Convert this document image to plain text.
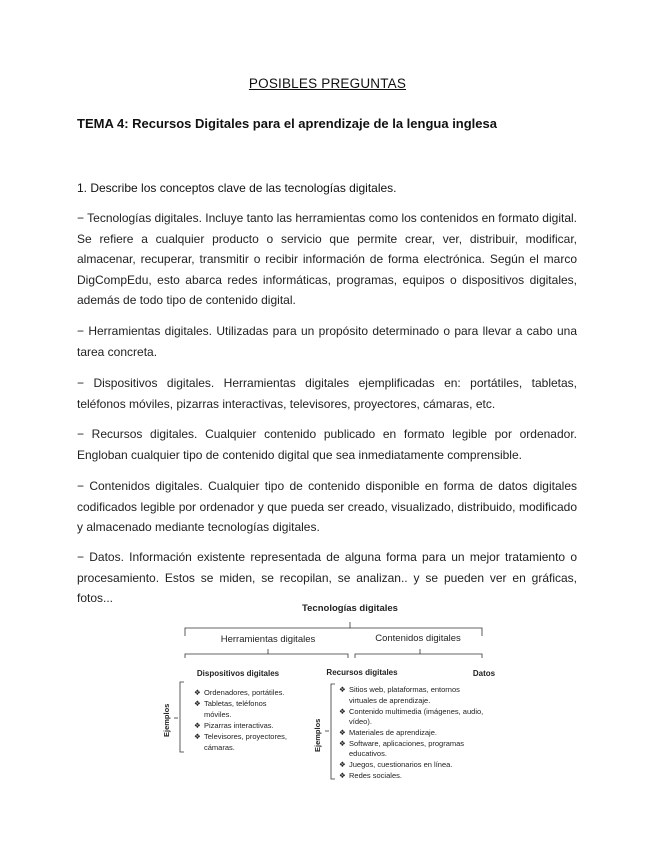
POSIBLES PREGUNTAS
TEMA 4: Recursos Digitales para el aprendizaje de la lengua inglesa
1. Describe los conceptos clave de las tecnologías digitales.

− Tecnologías digitales. Incluye tanto las herramientas como los contenidos en formato digital. Se refiere a cualquier producto o servicio que permite crear, ver, distribuir, modificar, almacenar, recuperar, transmitir o recibir información de forma electrónica. Según el marco DigCompEdu, esto abarca redes informáticas, programas, equipos o dispositivos digitales, además de todo tipo de contenido digital.

− Herramientas digitales. Utilizadas para un propósito determinado o para llevar a cabo una tarea concreta.

− Dispositivos digitales. Herramientas digitales ejemplificadas en: portátiles, tabletas, teléfonos móviles, pizarras interactivas, televisores, proyectores, cámaras, etc.

− Recursos digitales. Cualquier contenido publicado en formato legible por ordenador. Engloban cualquier tipo de contenido digital que sea inmediatamente comprensible.

− Contenidos digitales. Cualquier tipo de contenido disponible en forma de datos digitales codificados legible por ordenador y que pueda ser creado, visualizado, distribuido, modificado y almacenado mediante tecnologías digitales.

− Datos. Información existente representada de alguna forma para un mejor tratamiento o procesamiento. Estos se miden, se recopilan, se analizan.. y se pueden ver en gráficas, fotos...

Tecnologías digitales
Herramientas digitales	Contenidos digitales
Dispositivos digitales	Recursos digitales	Datos
Ejemplos	Ejemplos
❖ Ordenadores, portátiles.
❖ Tabletas, teléfonos
móviles.
❖ Pizarras interactivas.
❖ Televisores, proyectores,
cámaras.
❖ Sitios web, plataformas, entornos
virtuales de aprendizaje.
❖ Contenido multimedia (imágenes, audio,
vídeo).
❖ Materiales de aprendizaje.
❖ Software, aplicaciones, programas
educativos.
❖ Juegos, cuestionarios en línea.
❖ Redes sociales.
